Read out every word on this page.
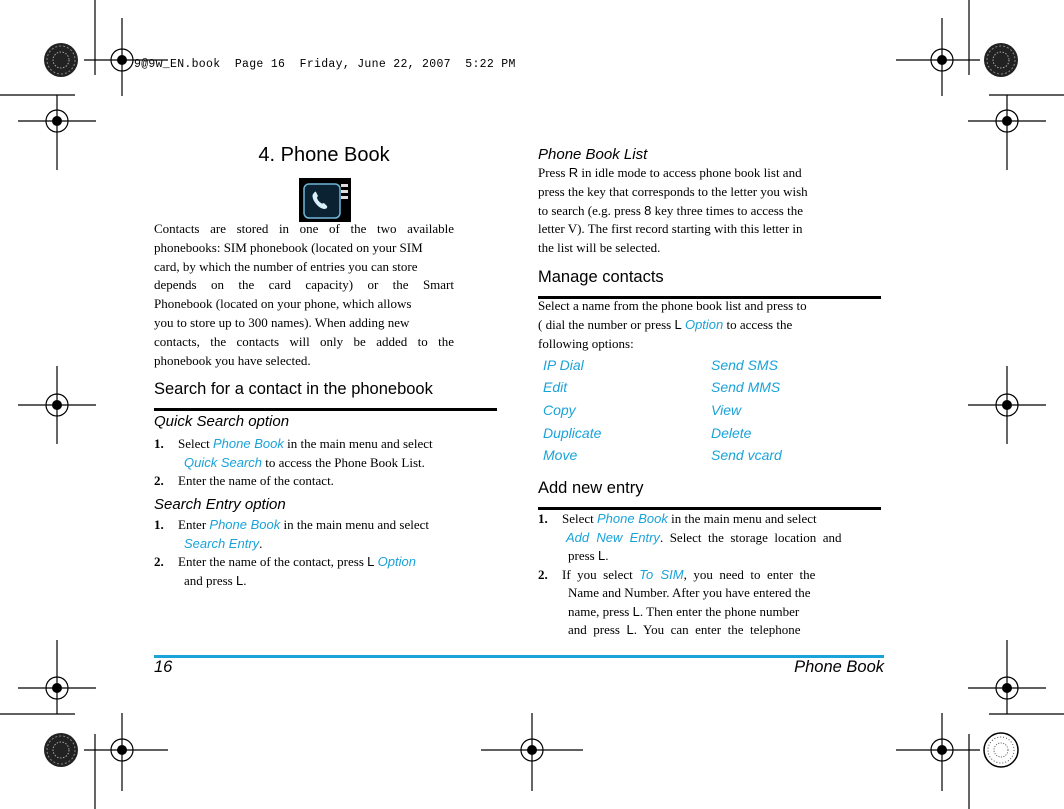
9@9w_EN.book  Page 16  Friday, June 22, 2007  5:22 PM
4. Phone Book
Contacts are stored in one of the two available
phonebooks: SIM phonebook (located on your SIM
card, by which the number of entries you can store
depends on the card capacity) or the Smart
Phonebook (located on your phone, which allows
you to store up to 300 names). When adding new
contacts, the contacts will only be added to the
phonebook you have selected.
Search for a contact in the phonebook
Quick Search option
1. Select Phone Book in the main menu and select
Quick Search to access the Phone Book List.
2. Enter the name of the contact.
Search Entry option
1. Enter Phone Book in the main menu and select
Search Entry.
2. Enter the name of the contact, press L Option
and press L.
Phone Book List
Press R in idle mode to access phone book list and
press the key that corresponds to the letter you wish
to search (e.g. press 8 key three times to access the
letter V). The first record starting with this letter in
the list will be selected.
Manage contacts
Select a name from the phone book list and press to
( dial the number or press L Option to access the
following options:
IP Dial
Edit
Copy
Duplicate
Move
Send SMS
Send MMS
View
Delete
Send vcard
Add new entry
1. Select Phone Book in the main menu and select
Add  New  Entry.  Select  the  storage  location  and
press L.
2. If  you  select  To  SIM,  you  need  to  enter  the
Name and Number. After you have entered the
name, press L. Then enter the phone number
and  press  L.  You  can  enter  the  telephone
16	Phone Book
